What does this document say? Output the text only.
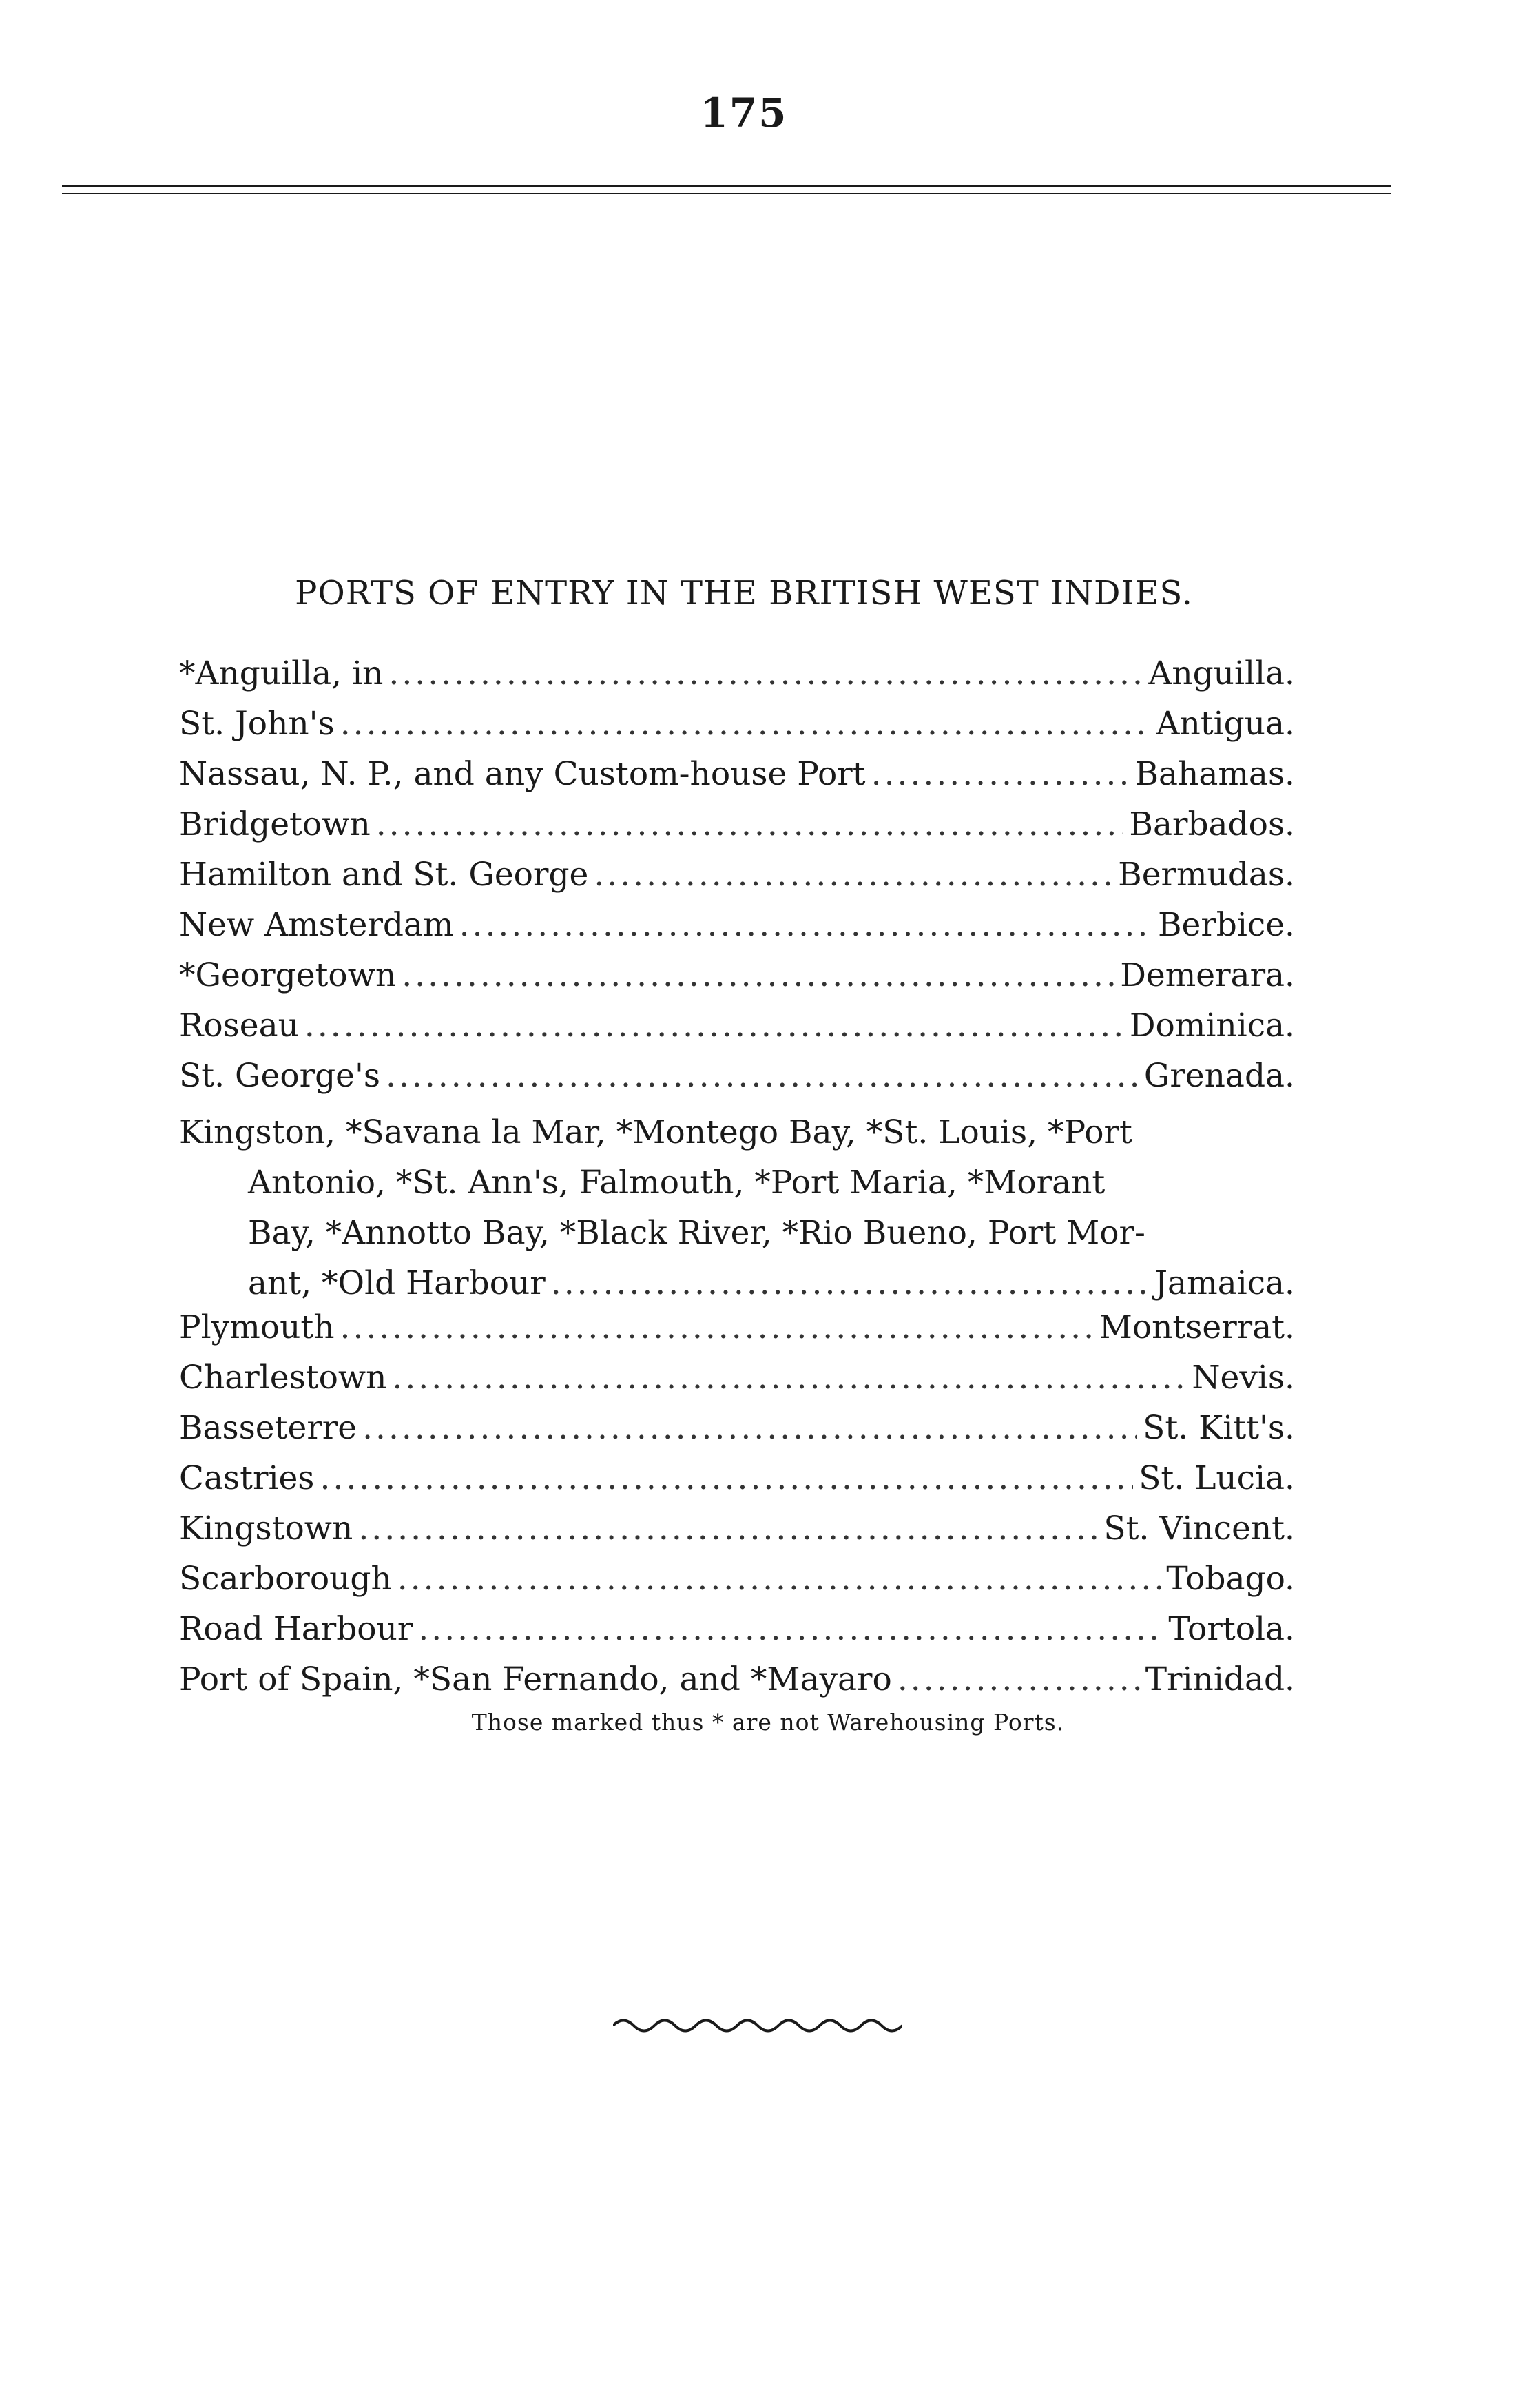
175
PORTS OF ENTRY IN THE BRITISH WEST INDIES.
*Anguilla, in .....	Anguilla.
St. John's .....	Antigua.
Nassau, N. P., and any Custom-house Port .....	Bahamas.
Bridgetown .....	Barbados.
Hamilton and St. George .....	Bermudas.
New Amsterdam .....	Berbice.
*Georgetown .....	Demerara.
Roseau .....	Dominica.
St. George's .....	Grenada.
Kingston, *Savana la Mar, *Montego Bay, *St. Louis, *Port
Antonio, *St. Ann's, Falmouth, *Port Maria, *Morant
Bay, *Annotto Bay, *Black River, *Rio Bueno, Port Mor-
ant, *Old Harbour .....	Jamaica.
Plymouth .....	Montserrat.
Charlestown .....	Nevis.
Basseterre .....	St. Kitt's.
Castries .....	St. Lucia.
Kingstown .....	St. Vincent.
Scarborough .....	Tobago.
Road Harbour .....	Tortola.
Port of Spain, *San Fernando, and *Mayaro .....	Trinidad.
Those marked thus * are not Warehousing Ports.
